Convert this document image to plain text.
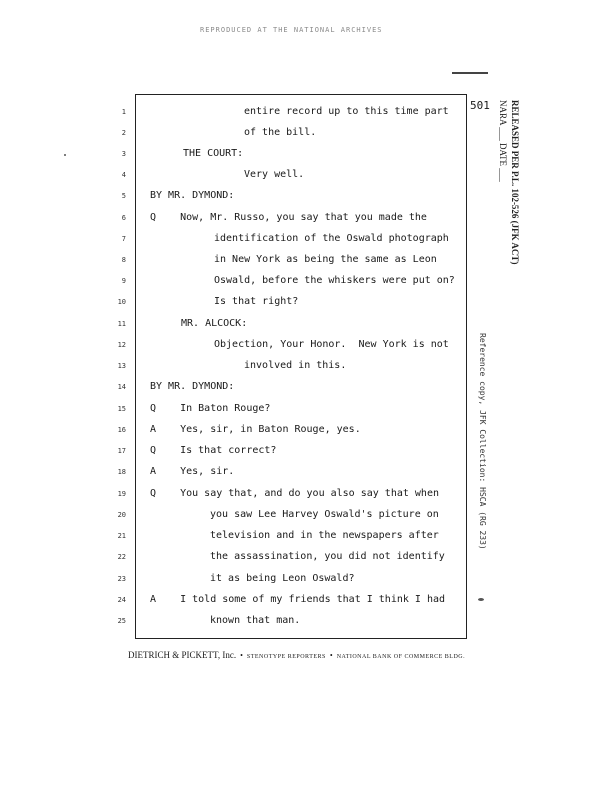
REPRODUCED AT THE NATIONAL ARCHIVES
501	RELEASED PER P.L. 102-526 (JFK ACT)
NARA ___ DATE ___
Reference copy, JFK Collection: HSCA (RG 233)
1
2
3
4
5
6
7
8
9
10
11
12
13
14
15
16
17
18
19
20
21
22
23
24
25
entire record up to this time part
of the bill.
THE COURT:
Very well.
BY MR. DYMOND:
Q    Now, Mr. Russo, you say that you made the
identification of the Oswald photograph
in New York as being the same as Leon
Oswald, before the whiskers were put on?
Is that right?
MR. ALCOCK:
Objection, Your Honor.  New York is not
involved in this.
BY MR. DYMOND:
Q    In Baton Rouge?
A    Yes, sir, in Baton Rouge, yes.
Q    Is that correct?
A    Yes, sir.
Q    You say that, and do you also say that when
you saw Lee Harvey Oswald's picture on
television and in the newspapers after
the assassination, you did not identify
it as being Leon Oswald?
A    I told some of my friends that I think I had
known that man.
DIETRICH & PICKETT, Inc.  •  STENOTYPE REPORTERS  •  NATIONAL BANK OF COMMERCE BLDG.
